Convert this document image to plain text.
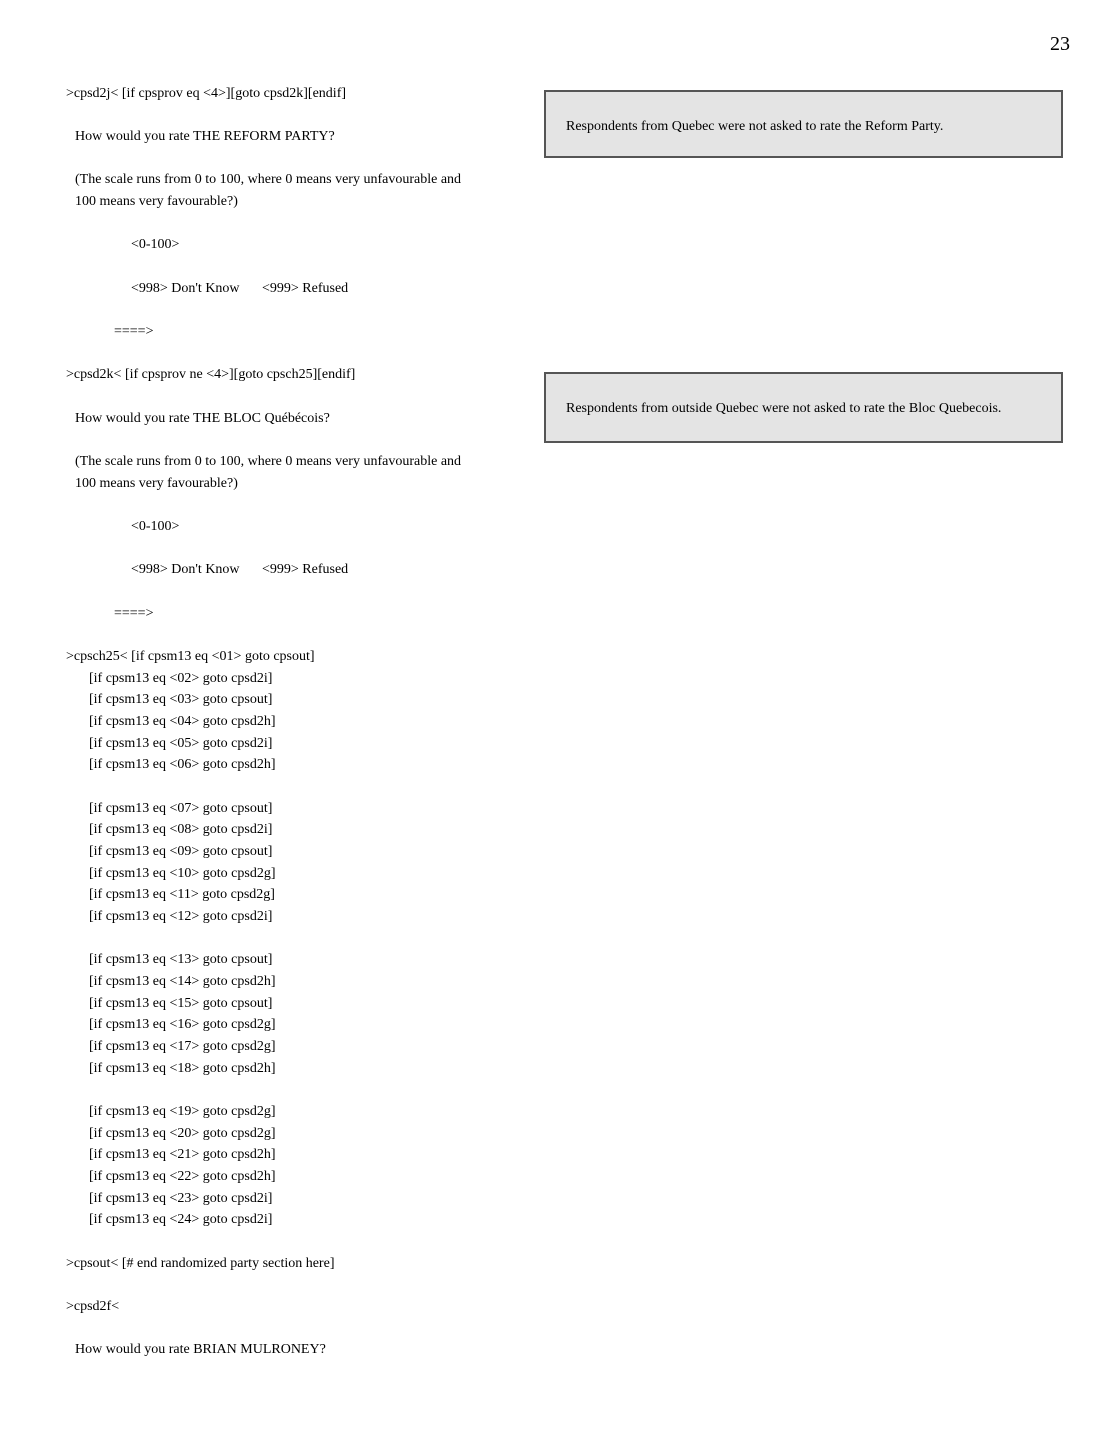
23
>cpsd2j< [if cpsprov eq <4>][goto cpsd2k][endif]
How would you rate THE REFORM PARTY?
(The scale runs from 0 to 100, where 0 means very unfavourable and
100 means very favourable?)
<0-100>
<998> Don't Know <999> Refused
====>
Respondents from Quebec were not asked to rate the Reform Party.
>cpsd2k< [if cpsprov ne <4>][goto cpsch25][endif]
How would you rate THE BLOC Québécois?
(The scale runs from 0 to 100, where 0 means very unfavourable and
100 means very favourable?)
<0-100>
<998> Don't Know <999> Refused
====>
Respondents from outside Quebec were not asked to rate the Bloc Quebecois.
>cpsch25< [if cpsm13 eq <01> goto cpsout]
[if cpsm13 eq <02> goto cpsd2i]
[if cpsm13 eq <03> goto cpsout]
[if cpsm13 eq <04> goto cpsd2h]
[if cpsm13 eq <05> goto cpsd2i]
[if cpsm13 eq <06> goto cpsd2h]
[if cpsm13 eq <07> goto cpsout]
[if cpsm13 eq <08> goto cpsd2i]
[if cpsm13 eq <09> goto cpsout]
[if cpsm13 eq <10> goto cpsd2g]
[if cpsm13 eq <11> goto cpsd2g]
[if cpsm13 eq <12> goto cpsd2i]
[if cpsm13 eq <13> goto cpsout]
[if cpsm13 eq <14> goto cpsd2h]
[if cpsm13 eq <15> goto cpsout]
[if cpsm13 eq <16> goto cpsd2g]
[if cpsm13 eq <17> goto cpsd2g]
[if cpsm13 eq <18> goto cpsd2h]
[if cpsm13 eq <19> goto cpsd2g]
[if cpsm13 eq <20> goto cpsd2g]
[if cpsm13 eq <21> goto cpsd2h]
[if cpsm13 eq <22> goto cpsd2h]
[if cpsm13 eq <23> goto cpsd2i]
[if cpsm13 eq <24> goto cpsd2i]
>cpsout< [# end randomized party section here]
>cpsd2f<
How would you rate BRIAN MULRONEY?
